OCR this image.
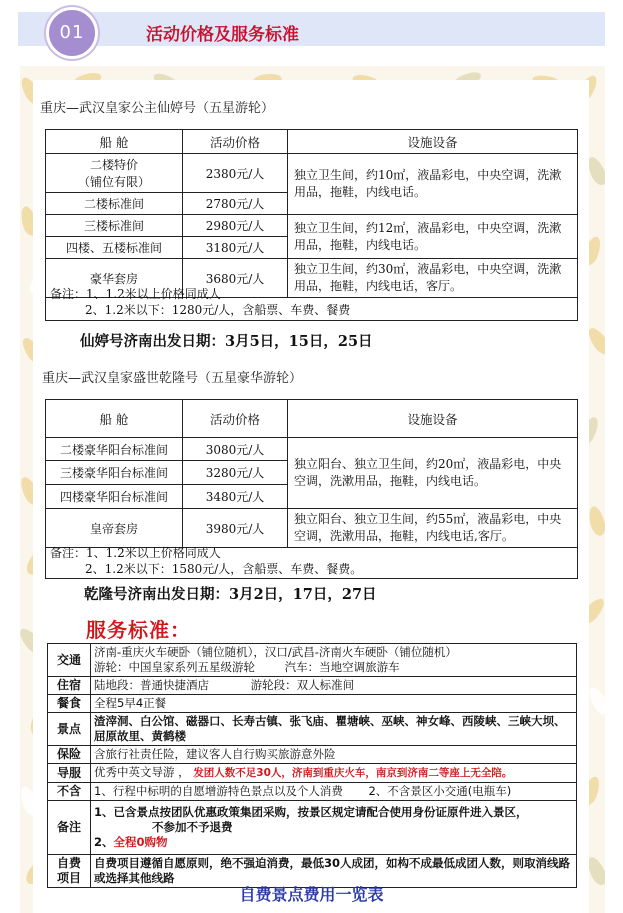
01	活动价格及服务标准
重庆—武汉皇家公主仙婷号（五星游轮）
船 舱	活动价格	设施设备

二楼特价
（铺位有限）	2380元/人	独立卫生间，约10㎡，液晶彩电，中央空调，洗漱用品，拖鞋，内线电话。
二楼标准间	2780元/人	
三楼标准间	2980元/人	独立卫生间，约12㎡，液晶彩电，中央空调，洗漱用品，拖鞋，内线电话。
四楼、五楼标准间	3180元/人	
豪华套房	3680元/人	独立卫生间，约30㎡，液晶彩电，中央空调，洗漱用品，拖鞋，内线电话，客厅。
备注：1、1.2米以上价格同成人
2、1.2米以下：1280元/人，含船票、车费、餐费
仙婷号济南出发日期：3月5日，15日，25日
重庆—武汉皇家盛世乾隆号（五星豪华游轮）
船 舱	活动价格	设施设备
二楼豪华阳台标准间	3080元/人	独立阳台、独立卫生间，约20㎡，液晶彩电，中央空调，洗漱用品，拖鞋，内线电话。
三楼豪华阳台标准间	3280元/人	
四楼豪华阳台标准间	3480元/人	
皇帝套房	3980元/人	独立阳台、独立卫生间，约55㎡，液晶彩电，中央空调，洗漱用品，拖鞋，内线电话,客厅。
备注：1、1.2米以上价格同成人
2、1.2米以下：1580元/人，含船票、车费、餐费。
乾隆号济南出发日期：3月2日，17日，27日
服务标准：
交通	济南-重庆火车硬卧（铺位随机），汉口/武昌-济南火车硬卧（铺位随机）
游轮：中国皇家系列五星级游轮 汽车：当地空调旅游车

住宿	陆地段：普通快捷酒店 游轮段：双人标准间
餐食	全程5早4正餐
景点	渣滓洞、白公馆、磁器口、长寿古镇、张飞庙、瞿塘峡、巫峡、神女峰、西陵峡、三峡大坝、屈原故里、黄鹤楼
保险	含旅行社责任险，建议客人自行购买旅游意外险
导服	优秀中英文导游 ， 发团人数不足30人，济南到重庆火车，南京到济南二等座上无全陪。
不含	1、行程中标明的自愿增游特色景点以及个人消费 2、不含景区小交通(电瓶车)
备注	1、已含景点按团队优惠政策集团采购，按景区规定请配合使用身份证原件进入景区，
不参加不予退费
2、全程0购物

自费
项目	自费项目遵循自愿原则，绝不强迫消费，最低30人成团，如构不成最低成团人数，则取消线路或选择其他线路
自费景点费用一览表
